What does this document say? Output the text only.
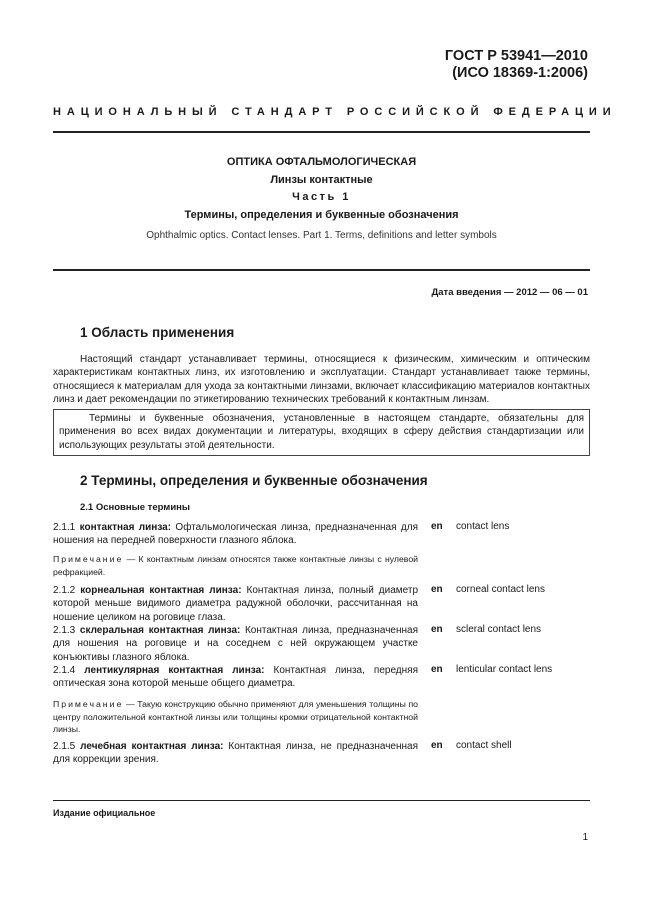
ГОСТ Р 53941—2010
(ИСО 18369-1:2006)
НАЦИОНАЛЬНЫЙ СТАНДАРТ РОССИЙСКОЙ ФЕДЕРАЦИИ
ОПТИКА ОФТАЛЬМОЛОГИЧЕСКАЯ
Линзы контактные
Часть 1
Термины, определения и буквенные обозначения
Ophthalmic optics. Contact lenses. Part 1. Terms, definitions and letter symbols
Дата введения — 2012 — 06 — 01
1 Область применения
Настоящий стандарт устанавливает термины, относящиеся к физическим, химическим и оптическим характеристикам контактных линз, их изготовлению и эксплуатации. Стандарт устанавливает также термины, относящиеся к материалам для ухода за контактными линзами, включает классификацию материалов контактных линз и дает рекомендации по этикетированию технических требований к контактным линзам.
Термины и буквенные обозначения, установленные в настоящем стандарте, обязательны для применения во всех видах документации и литературы, входящих в сферу действия стандартизации или использующих результаты этой деятельности.
2 Термины, определения и буквенные обозначения
2.1 Основные термины
2.1.1 контактная линза: Офтальмологическая линза, предназначенная для ношения на передней поверхности глазного яблока.
en contact lens
Примечание — К контактным линзам относятся также контактные линзы с нулевой рефракцией.
2.1.2 корнеальная контактная линза: Контактная линза, полный диаметр которой меньше видимого диаметра радужной оболочки, рассчитанная на ношение целиком на роговице глаза.
en corneal contact lens
2.1.3 склеральная контактная линза: Контактная линза, предназначенная для ношения на роговице и на соседнем с ней окружающем участке конъюктивы глазного яблока.
en scleral contact lens
2.1.4 лентикулярная контактная линза: Контактная линза, передняя оптическая зона которой меньше общего диаметра.
en lenticular contact lens
Примечание — Такую конструкцию обычно применяют для уменьшения толщины по центру положительной контактной линзы или толщины кромки отрицательной контактной линзы.
2.1.5 лечебная контактная линза: Контактная линза, не предназначенная для коррекции зрения.
en contact shell
Издание официальное
1
